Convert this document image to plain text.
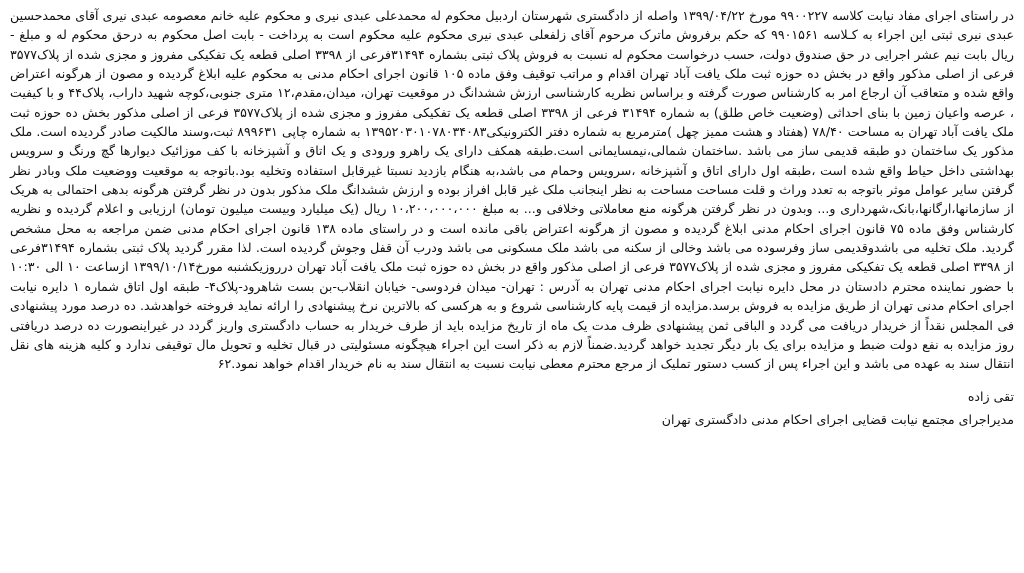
در راستای اجرای مفاد نیابت کلاسه ۹۹۰۰۲۲۷ مورخ ۱۳۹۹/۰۴/۲۲ واصله از دادگستری شهرستان اردبیل محکوم له محمدعلی عبدی نیری و محکوم علیه خانم معصومه عبدی نیری آقای محمدحسین عبدی نیری ثبتی این اجراء به کـلاسه ۹۹۰۱۵۶۱ که حکم برفروش ماترک مرحوم آقای زلفعلی عبدی نیری محکوم علیه محکوم است به پرداخت - بابت اصل محکوم به درحق محکوم له و مبلغ - ریال بابت نیم عشر اجرایی در حق صندوق دولت، حسب درخواست محکوم له نسبت به فروش پلاک ثبتی بشماره ۳۱۴۹۴فرعی از ۳۳۹۸ اصلی قطعه یک تفکیکی مفروز و مجزی شده از پلاک۳۵۷۷ فرعی از اصلی مذکور واقع در بخش ده حوزه ثبت ملک یافت آباد تهران اقدام و مراتب توقیف وفق ماده ۱۰۵ قانون اجرای احکام مدنی به محکوم علیه ابلاغ گردیده و مصون از هرگونه اعتراض واقع شده و متعاقب آن ارجاع امر به کارشناس صورت گرفته و براساس نظریه کارشناسی ارزش ششدانگ در موقعیت تهران، میدان،مقدم،۱۲ متری جنوبی،کوچه شهید داراب، پلاک۴۴ و با کیفیت ، عرصه واعیان زمین با بنای احداثی (وضعیت خاص طلق) به شماره ۳۱۴۹۴ فرعی از ۳۳۹۸ اصلی قطعه یک تفکیکی مفروز و مجزی شده از پلاک۳۵۷۷ فرعی از اصلی مذکور بخش ده حوزه ثبت ملک یافت آباد تهران به مساحت ۷۸/۴۰ (هفتاد و هشت ممیز چهل )مترمربع به شماره دفتر الکترونیکی۱۳۹۵۲۰۳۰۱۰۷۸۰۳۴۰۸۳ به شماره چاپی ۸۹۹۶۳۱ ثبت،وسند مالکیت صادر گردیده است. ملک مذکور یک ساختمان دو طبقه قدیمی ساز می باشد .ساختمان شمالی،نیمسایمانی است.طبقه همکف دارای یک راهرو ورودی و یک اتاق و آشپزخانه با کف موزائیک دیوارها گچ ورنگ و سرویس بهداشتی داخل حیاط واقع شده است ،طبقه اول دارای اتاق و آشپزخانه ،سرویس وحمام می باشد،به هنگام بازدید نسبتا غیرقابل استفاده وتخلیه بود.باتوجه به موقعیت ووضعیت ملک وبادر نظر گرفتن سایر عوامل موثر باتوجه به تعدد وراث و قلت مساحت مساحت به نظر اینجانب ملک غیر قابل افراز بوده و ارزش ششدانگ ملک مذکور بدون در نظر گرفتن هرگونه بدهی احتمالی به هریک از سازمانها،ارگانها،بانک،شهرداری و... وبدون در نظر گرفتن هرگونه منع معاملاتی وخلافی و... به مبلغ ۱۰،۲۰۰،۰۰۰،۰۰۰ ریال (یک میلیارد وبیست میلیون تومان) ارزیابی و اعلام گردیده و نظریه کارشناس وفق ماده ۷۵ قانون اجرای احکام مدنی ابلاغ گردیده و مصون از هرگونه اعتراض باقی مانده است و در راستای ماده ۱۳۸ قانون اجرای احکام مدنی ضمن مراجعه به محل مشخص گردید. ملک تخلیه می باشدوقدیمی ساز وفرسوده می باشد وخالی از سکنه می باشد ملک مسکونی می باشد ودرب آن قفل وجوش گردیده است. لذا مقرر گردید پلاک ثبتی بشماره ۳۱۴۹۴فرعی از ۳۳۹۸ اصلی قطعه یک تفکیکی مفروز و مجزی شده از پلاک۳۵۷۷ فرعی از اصلی مذکور واقع در بخش ده حوزه ثبت ملک یافت آباد تهران درروزیکشنبه مورخ۱۳۹۹/۱۰/۱۴ ازساعت ۱۰ الی ۱۰:۳۰ با حضور نماینده محترم دادستان در محل دایره نیابت اجرای احکام مدنی تهران به آدرس : تهران- میدان فردوسی- خیابان انقلاب-بن بست شاهرود-پلاک۴- طبقه اول اتاق شماره ۱ دایره نیابت اجرای احکام مدنی تهران از طریق مزایده به فروش برسد.مزایده از قیمت پایه کارشناسی شروع و به هرکسی که بالاترین نرخ پیشنهادی را ارائه نماید فروخته خواهدشد. ده درصد مورد پیشنهادی فی المجلس نقداً از خریدار دریافت می گردد و الباقی ثمن پیشنهادی ظرف مدت یک ماه از تاریخ مزایده باید از طرف خریدار به حساب دادگستری واریز گردد در غیراینصورت ده درصد دریافتی روز مزایده به نفع دولت ضبط و مزایده برای یک بار دیگر تجدید خواهد گردید.ضمناً لازم به ذکر است این اجراء هیچگونه مسئولیتی در قبال تخلیه و تحویل مال توقیفی ندارد و کلیه هزینه های نقل انتقال سند به عهده می باشد و این اجراء پس از کسب دستور تملیک از مرجع محترم معطی نیابت نسبت به انتقال سند به نام خریدار اقدام خواهد نمود.۶۲

تقی زاده
مدیراجرای مجتمع نیابت قضایی اجرای احکام مدنی دادگستری تهران
